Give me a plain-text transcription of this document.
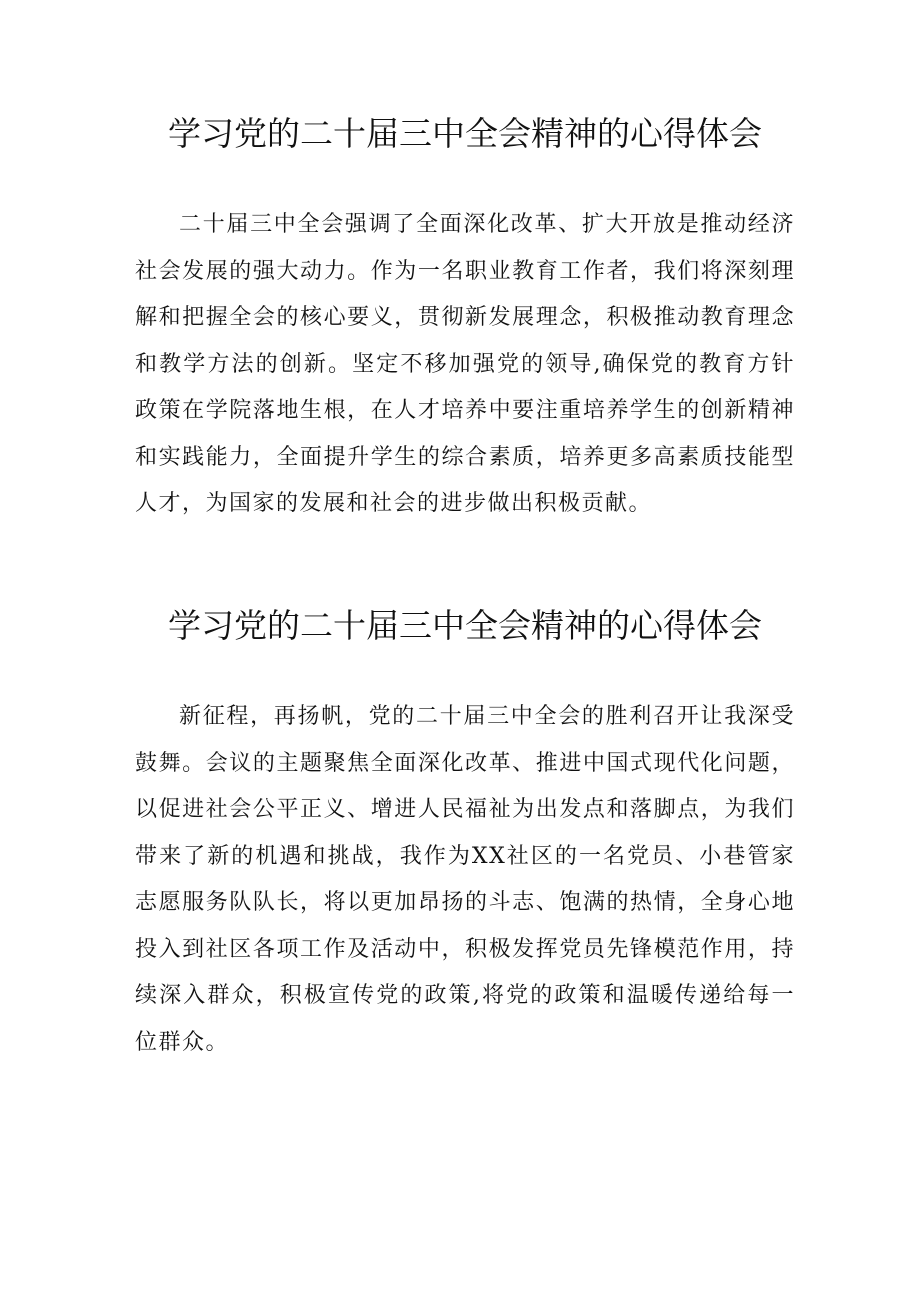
学习党的二十届三中全会精神的心得体会

二十届三中全会强调了全面深化改革、扩大开放是推动经济社会发展的强大动力。作为一名职业教育工作者，我们将深刻理解和把握全会的核心要义，贯彻新发展理念，积极推动教育理念和教学方法的创新。坚定不移加强党的领导,确保党的教育方针政策在学院落地生根，在人才培养中要注重培养学生的创新精神和实践能力，全面提升学生的综合素质，培养更多高素质技能型人才，为国家的发展和社会的进步做出积极贡献。

学习党的二十届三中全会精神的心得体会

新征程，再扬帆，党的二十届三中全会的胜利召开让我深受鼓舞。会议的主题聚焦全面深化改革、推进中国式现代化问题，以促进社会公平正义、增进人民福祉为出发点和落脚点，为我们带来了新的机遇和挑战，我作为XX社区的一名党员、小巷管家志愿服务队队长，将以更加昂扬的斗志、饱满的热情，全身心地投入到社区各项工作及活动中，积极发挥党员先锋模范作用，持续深入群众，积极宣传党的政策,将党的政策和温暖传递给每一位群众。
